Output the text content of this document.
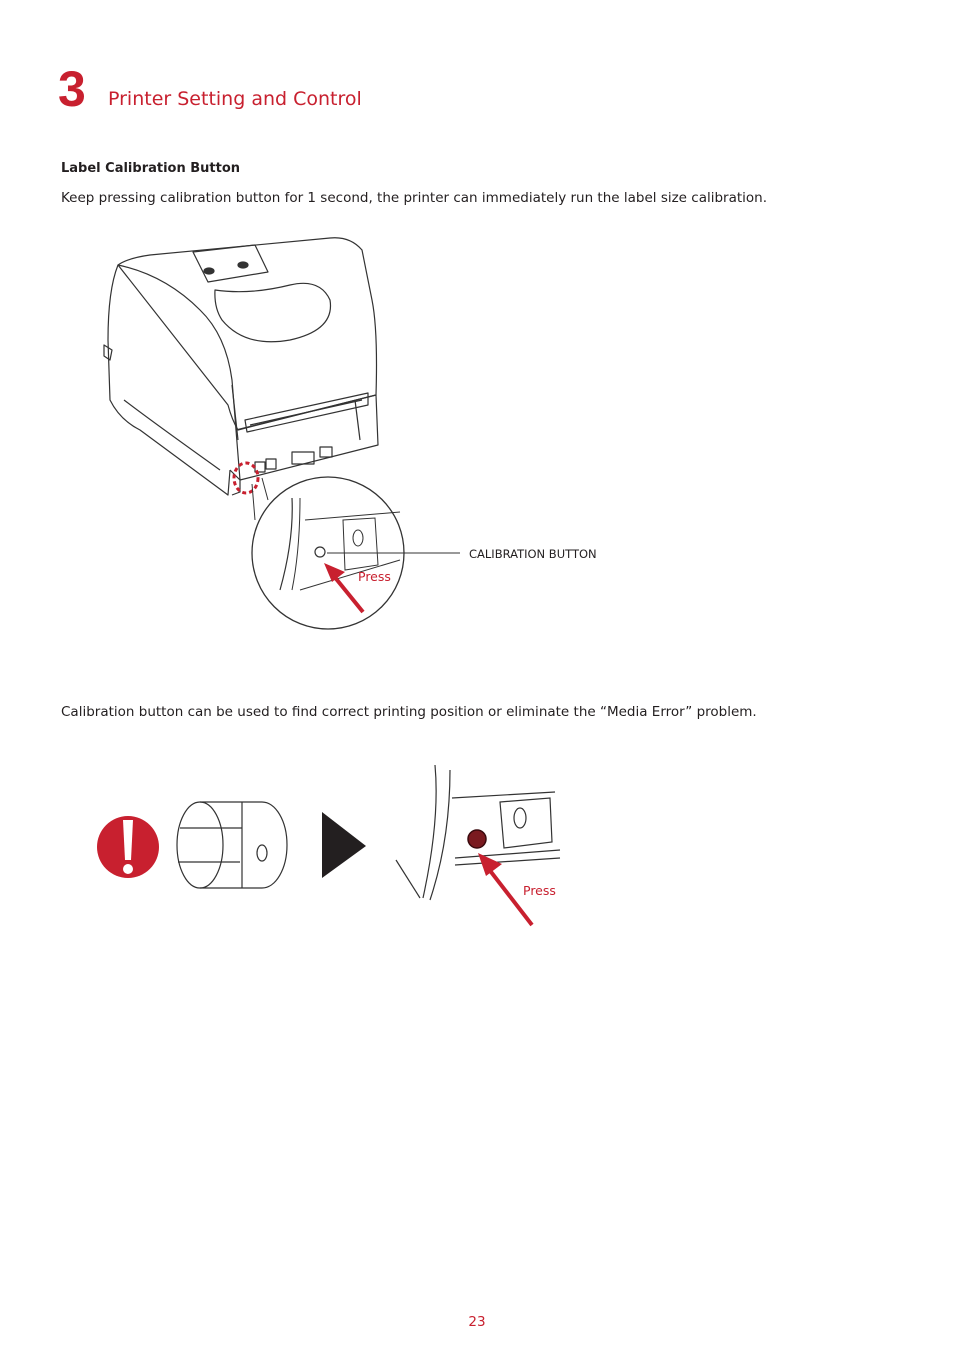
3 Printer Setting and Control
Label Calibration Button
Keep pressing calibration button for 1 second, the printer can immediately run the label size calibration.
CALIBRATION BUTTON
Press
Calibration button can be used to find correct printing position or eliminate the “Media Error” problem.
Press
23
